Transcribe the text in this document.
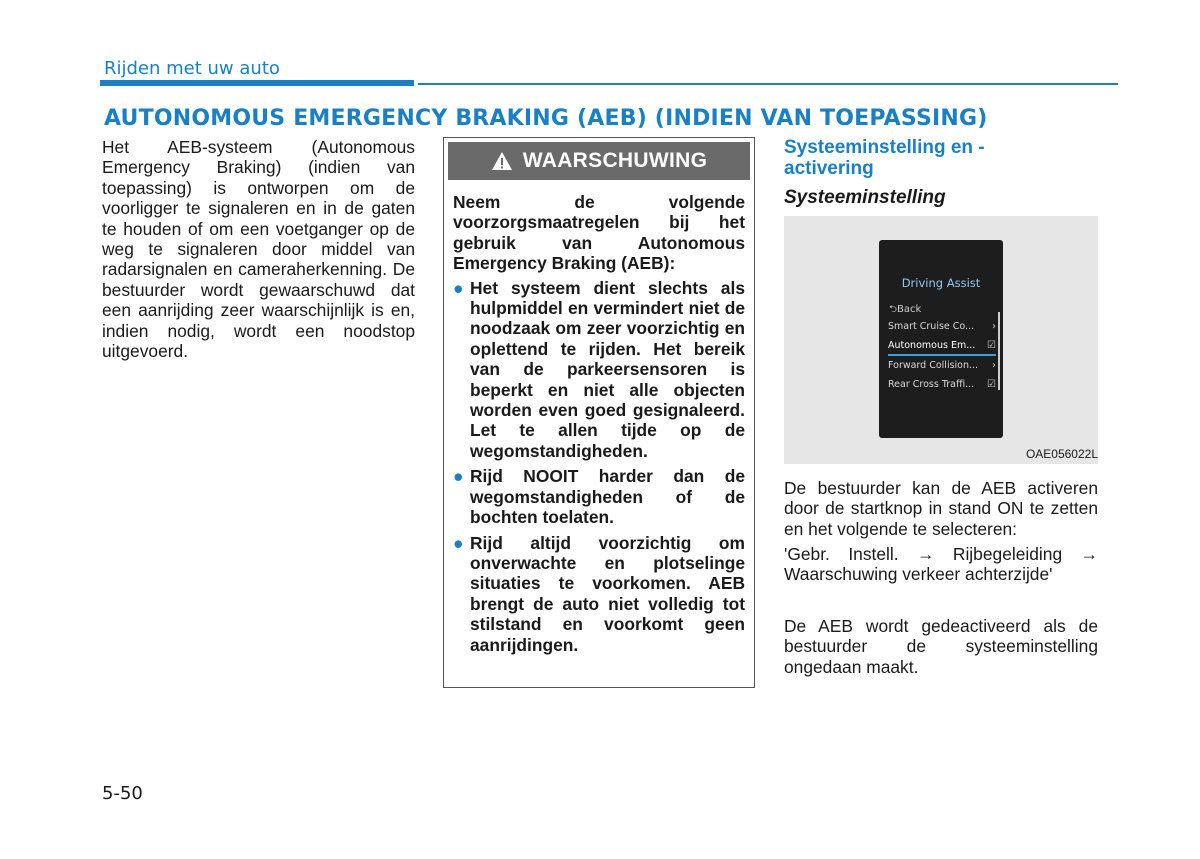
Rijden met uw auto
AUTONOMOUS EMERGENCY BRAKING (AEB) (INDIEN VAN TOEPASSING)

Het AEB-systeem (Autonomous Emergency Braking) (indien van toepassing) is ontworpen om de voorligger te signaleren en in de gaten te houden of om een voetganger op de weg te signaleren door middel van radarsignalen en cameraherkenning. De bestuurder wordt gewaarschuwd dat een aanrijding zeer waarschijnlijk is en, indien nodig, wordt een noodstop uitgevoerd.

WAARSCHUWING

Neem de volgende voorzorgsmaatregelen bij het gebruik van Autonomous Emergency Braking (AEB):

● Het systeem dient slechts als hulpmiddel en vermindert niet de noodzaak om zeer voorzichtig en oplettend te rijden. Het bereik van de parkeersensoren is beperkt en niet alle objecten worden even goed gesignaleerd. Let te allen tijde op de wegomstandigheden.
● Rijd NOOIT harder dan de wegomstandigheden of de bochten toelaten.
● Rijd altijd voorzichtig om onverwachte en plotselinge situaties te voorkomen. AEB brengt de auto niet volledig tot stilstand en voorkomt geen aanrijdingen.
Systeeminstelling en - activering
Systeeminstelling
Driving Assist
⮌Back
Smart Cruise Co... ›
Autonomous Em... ☑
Forward Collision... ›
Rear Cross Traffi... ☑
OAE056022L

De bestuurder kan de AEB activeren door de startknop in stand ON te zetten en het volgende te selecteren:

'Gebr. Instell. → Rijbegeleiding → Waarschuwing verkeer achterzijde'

De AEB wordt gedeactiveerd als de bestuurder de systeeminstelling ongedaan maakt.

5-50
